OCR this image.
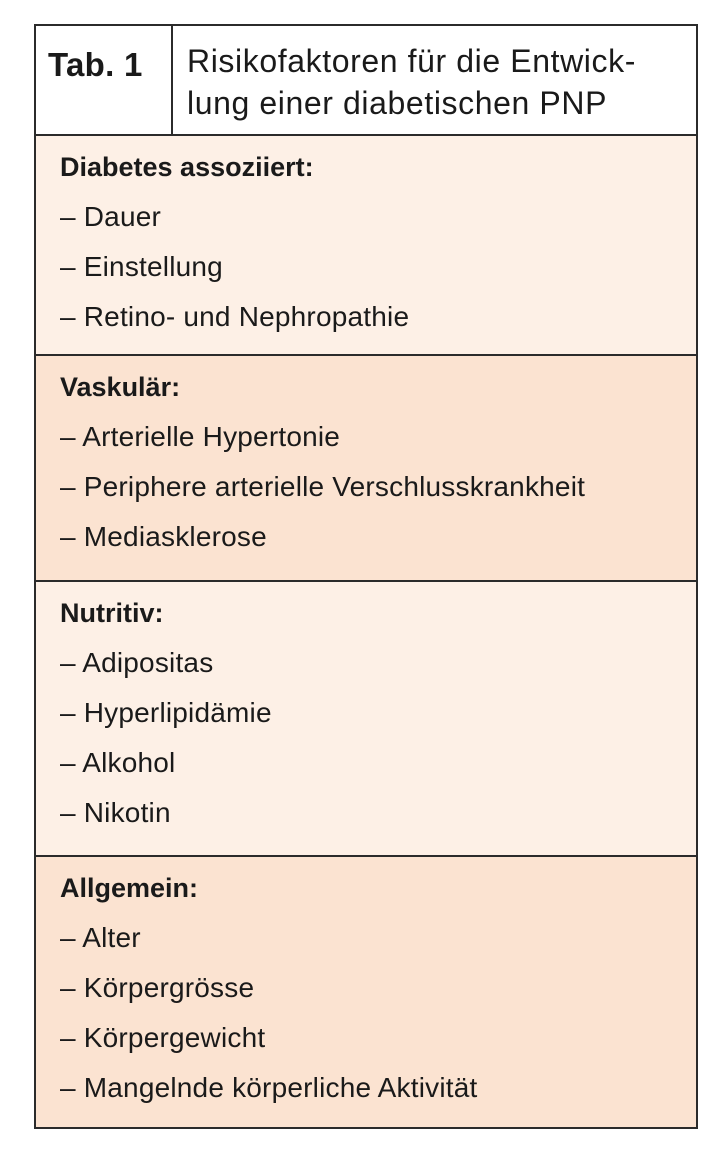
Tab. 1	Risikofaktoren für die Entwick-
lung einer diabetischen PNP
Diabetes assoziiert:
– Dauer
– Einstellung
– Retino- und Nephropathie
Vaskulär:
– Arterielle Hypertonie
– Periphere arterielle Verschlusskrankheit
– Mediasklerose
Nutritiv:
– Adipositas
– Hyperlipidämie
– Alkohol
– Nikotin
Allgemein:
– Alter
– Körpergrösse
– Körpergewicht
– Mangelnde körperliche Aktivität
